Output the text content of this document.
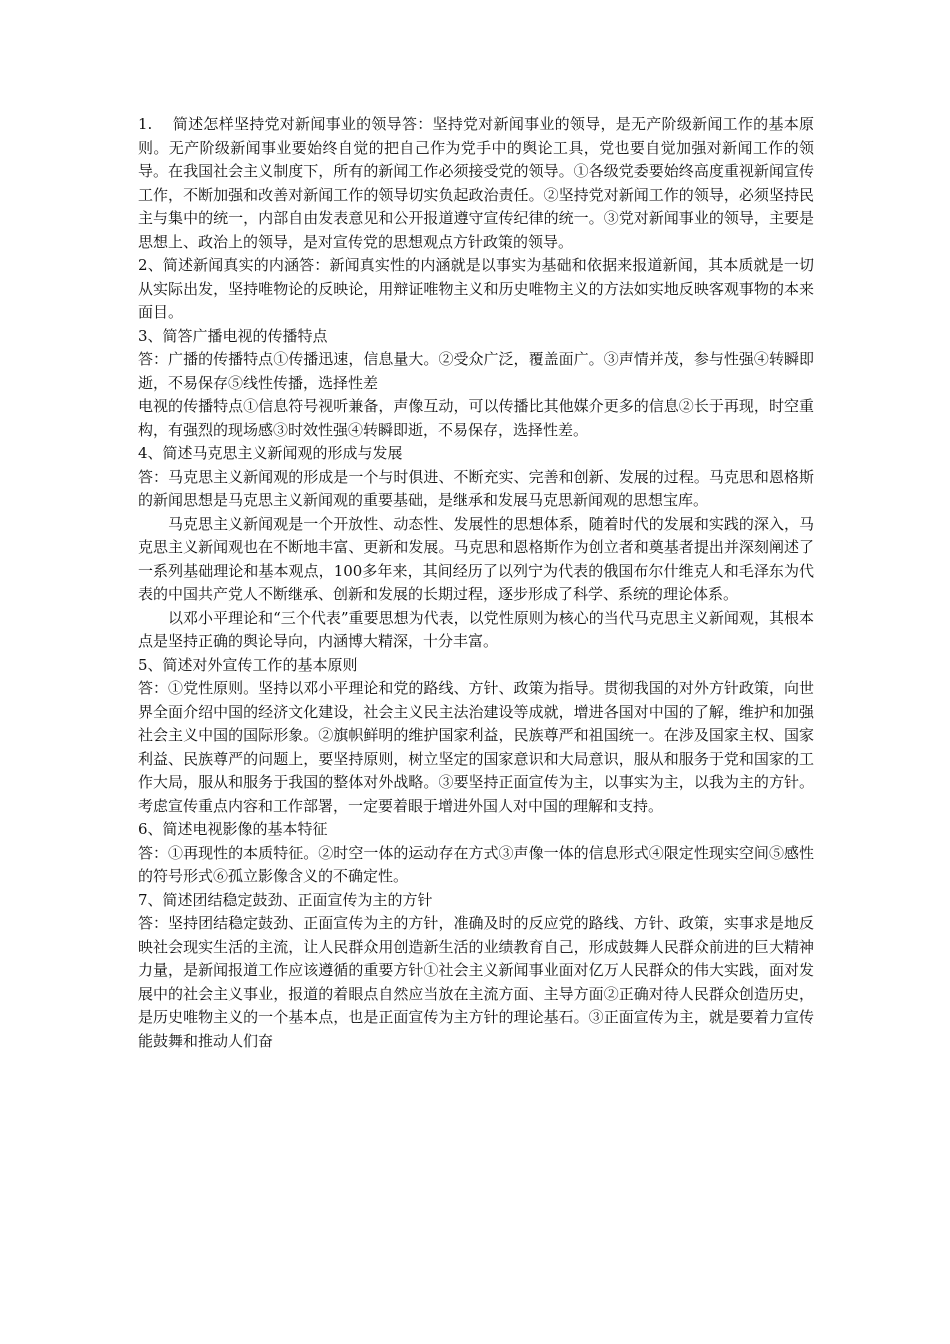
1.　 简述怎样坚持党对新闻事业的领导答：坚持党对新闻事业的领导，是无产阶级新闻工作的基本原则。无产阶级新闻事业要始终自觉的把自己作为党手中的舆论工具，党也要自觉加强对新闻工作的领导。在我国社会主义制度下，所有的新闻工作必须接受党的领导。①各级党委要始终高度重视新闻宣传工作，不断加强和改善对新闻工作的领导切实负起政治责任。②坚持党对新闻工作的领导，必须坚持民主与集中的统一，内部自由发表意见和公开报道遵守宣传纪律的统一。③党对新闻事业的领导，主要是思想上、政治上的领导，是对宣传党的思想观点方针政策的领导。

2、简述新闻真实的内涵答：新闻真实性的内涵就是以事实为基础和依据来报道新闻，其本质就是一切从实际出发，坚持唯物论的反映论，用辩证唯物主义和历史唯物主义的方法如实地反映客观事物的本来面目。

3、简答广播电视的传播特点

答：广播的传播特点①传播迅速，信息量大。②受众广泛，覆盖面广。③声情并茂，参与性强④转瞬即逝，不易保存⑤线性传播，选择性差

电视的传播特点①信息符号视听兼备，声像互动，可以传播比其他媒介更多的信息②长于再现，时空重构，有强烈的现场感③时效性强④转瞬即逝，不易保存，选择性差。

4、简述马克思主义新闻观的形成与发展

答：马克思主义新闻观的形成是一个与时俱进、不断充实、完善和创新、发展的过程。马克思和恩格斯的新闻思想是马克思主义新闻观的重要基础，是继承和发展马克思新闻观的思想宝库。

马克思主义新闻观是一个开放性、动态性、发展性的思想体系，随着时代的发展和实践的深入，马克思主义新闻观也在不断地丰富、更新和发展。马克思和恩格斯作为创立者和奠基者提出并深刻阐述了一系列基础理论和基本观点，100多年来，其间经历了以列宁为代表的俄国布尔什维克人和毛泽东为代表的中国共产党人不断继承、创新和发展的长期过程，逐步形成了科学、系统的理论体系。

以邓小平理论和“三个代表”重要思想为代表，以党性原则为核心的当代马克思主义新闻观，其根本点是坚持正确的舆论导向，内涵博大精深，十分丰富。

5、简述对外宣传工作的基本原则

答：①党性原则。坚持以邓小平理论和党的路线、方针、政策为指导。贯彻我国的对外方针政策，向世界全面介绍中国的经济文化建设，社会主义民主法治建设等成就，增进各国对中国的了解，维护和加强社会主义中国的国际形象。②旗帜鲜明的维护国家利益，民族尊严和祖国统一。在涉及国家主权、国家利益、民族尊严的问题上，要坚持原则，树立坚定的国家意识和大局意识，服从和服务于党和国家的工作大局，服从和服务于我国的整体对外战略。③要坚持正面宣传为主，以事实为主，以我为主的方针。考虑宣传重点内容和工作部署，一定要着眼于增进外国人对中国的理解和支持。

6、简述电视影像的基本特征

答：①再现性的本质特征。②时空一体的运动存在方式③声像一体的信息形式④限定性现实空间⑤感性的符号形式⑥孤立影像含义的不确定性。

7、简述团结稳定鼓劲、正面宣传为主的方针

答：坚持团结稳定鼓劲、正面宣传为主的方针，准确及时的反应党的路线、方针、政策，实事求是地反映社会现实生活的主流，让人民群众用创造新生活的业绩教育自己，形成鼓舞人民群众前进的巨大精神力量，是新闻报道工作应该遵循的重要方针①社会主义新闻事业面对亿万人民群众的伟大实践，面对发展中的社会主义事业，报道的着眼点自然应当放在主流方面、主导方面②正确对待人民群众创造历史，是历史唯物主义的一个基本点，也是正面宣传为主方针的理论基石。③正面宣传为主，就是要着力宣传能鼓舞和推动人们奋
